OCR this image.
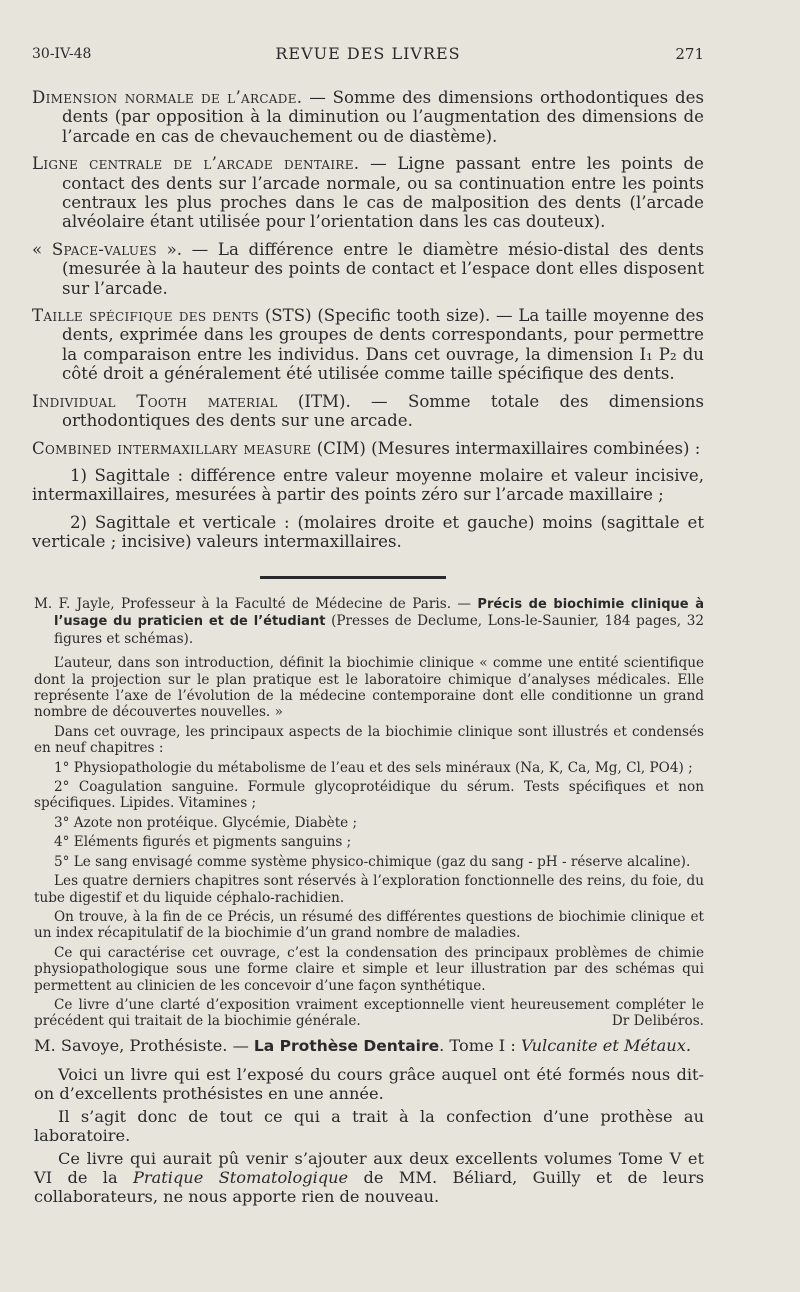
30-IV-48	REVUE DES LIVRES	271

Dimension normale de l’arcade. — Somme des dimensions orthodontiques des dents (par opposition à la diminution ou l’augmentation des dimensions de l’arcade en cas de chevauchement ou de diastème).

Ligne centrale de l’arcade dentaire. — Ligne passant entre les points de contact des dents sur l’arcade normale, ou sa continuation entre les points centraux les plus proches dans le cas de malposition des dents (l’arcade alvéolaire étant utilisée pour l’orientation dans les cas douteux).

« Space-values ». — La différence entre le diamètre mésio-distal des dents (mesurée à la hauteur des points de contact et l’espace dont elles disposent sur l’arcade.

Taille spécifique des dents (STS) (Specific tooth size). — La taille moyenne des dents, exprimée dans les groupes de dents correspondants, pour permettre la comparaison entre les individus. Dans cet ouvrage, la dimension I₁ P₂ du côté droit a généralement été utilisée comme taille spécifique des dents.

Individual Tooth material (ITM). — Somme totale des dimensions orthodontiques des dents sur une arcade.

Combined intermaxillary measure (CIM) (Mesures intermaxillaires combinées) :

1) Sagittale : différence entre valeur moyenne molaire et valeur incisive, intermaxillaires, mesurées à partir des points zéro sur l’arcade maxillaire ;

2) Sagittale et verticale : (molaires droite et gauche) moins (sagittale et verticale ; incisive) valeurs intermaxillaires.

M. F. Jayle, Professeur à la Faculté de Médecine de Paris. — Précis de biochimie clinique à l’usage du praticien et de l’étudiant (Presses de Declume, Lons-le-Saunier, 184 pages, 32 figures et schémas).

L’auteur, dans son introduction, définit la biochimie clinique « comme une entité scientifique dont la projection sur le plan pratique est le laboratoire chimique d’analyses médicales. Elle représente l’axe de l’évolution de la médecine contemporaine dont elle conditionne un grand nombre de découvertes nouvelles. »

Dans cet ouvrage, les principaux aspects de la biochimie clinique sont illustrés et condensés en neuf chapitres :

1° Physiopathologie du métabolisme de l’eau et des sels minéraux (Na, K, Ca, Mg, Cl, PO4) ;

2° Coagulation sanguine. Formule glycoprotéidique du sérum. Tests spécifiques et non spécifiques. Lipides. Vitamines ;

3° Azote non protéique. Glycémie, Diabète ;

4° Eléments figurés et pigments sanguins ;

5° Le sang envisagé comme système physico-chimique (gaz du sang - pH - réserve alcaline).

Les quatre derniers chapitres sont réservés à l’exploration fonctionnelle des reins, du foie, du tube digestif et du liquide céphalo-rachidien.

On trouve, à la fin de ce Précis, un résumé des différentes questions de biochimie clinique et un index récapitulatif de la biochimie d’un grand nombre de maladies.

Ce qui caractérise cet ouvrage, c’est la condensation des principaux problèmes de chimie physiopathologique sous une forme claire et simple et leur illustration par des schémas qui permettent au clinicien de les concevoir d’une façon synthétique.

Ce livre d’une clarté d’exposition vraiment exceptionnelle vient heureusement compléter le précédent qui traitait de la biochimie générale.	Dr Delibéros.

M. Savoye, Prothésiste. — La Prothèse Dentaire. Tome I : Vulcanite et Métaux.

Voici un livre qui est l’exposé du cours grâce auquel ont été formés nous dit-on d’excellents prothésistes en une année.

Il s’agit donc de tout ce qui a trait à la confection d’une prothèse au laboratoire.

Ce livre qui aurait pû venir s’ajouter aux deux excellents volumes Tome V et VI de la Pratique Stomatologique de MM. Béliard, Guilly et de leurs collaborateurs, ne nous apporte rien de nouveau.
